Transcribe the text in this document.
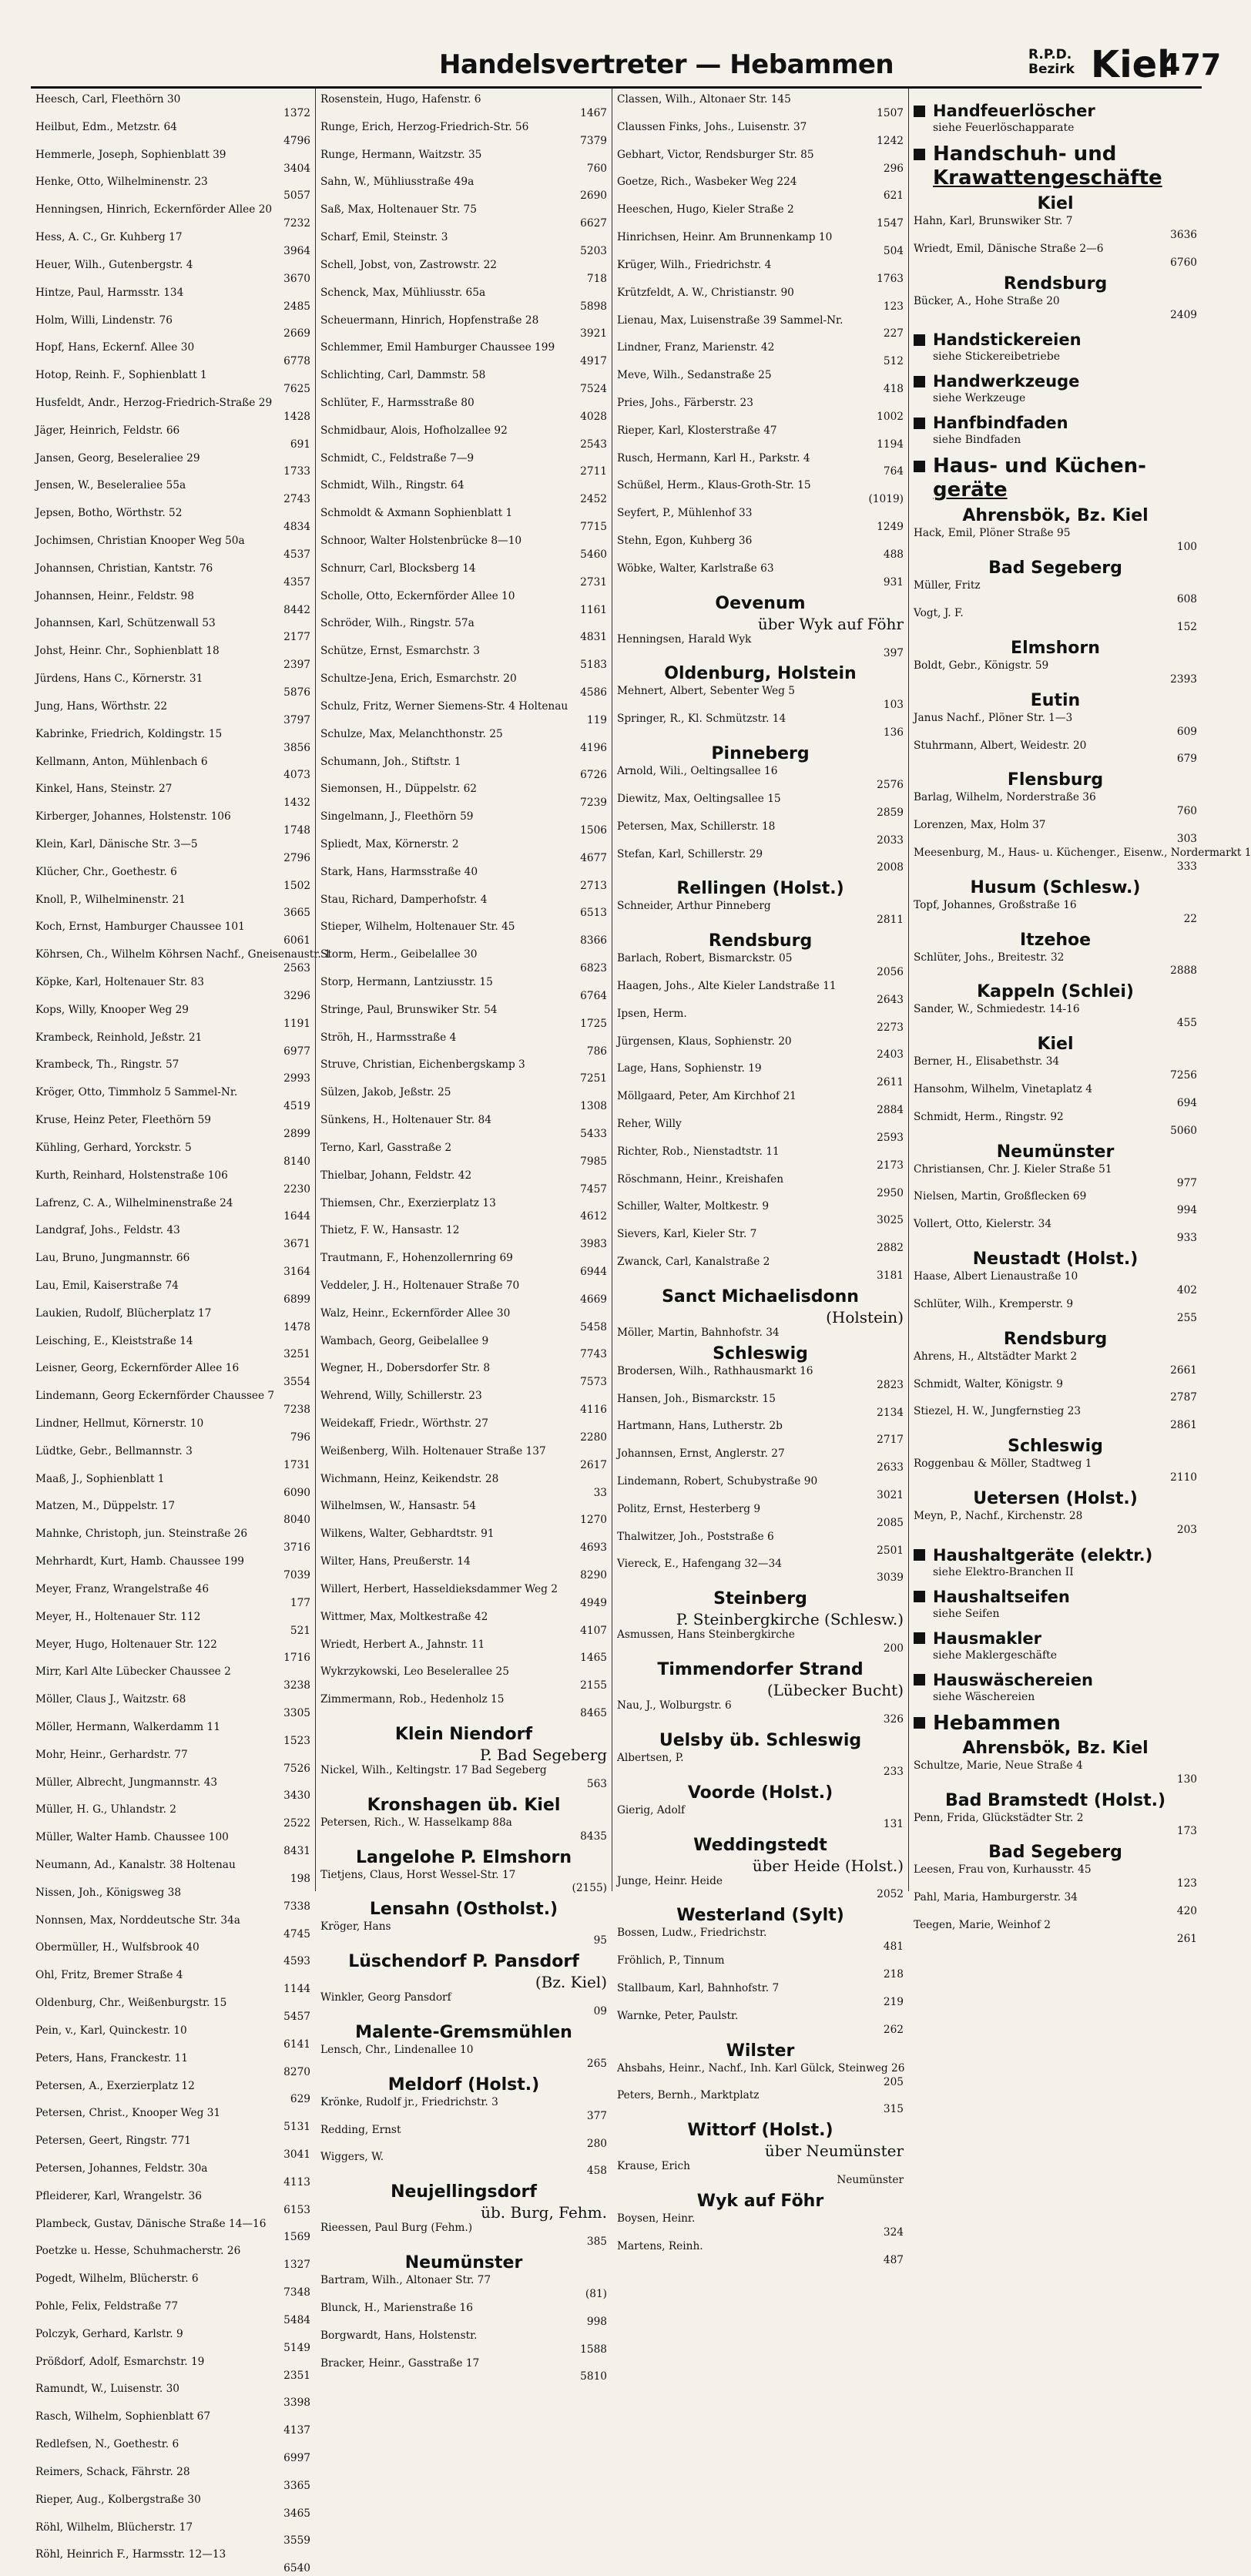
Handelsvertreter — Hebammen	R.P.D.
Bezirk Kiel
477
Heesch, Carl, Fleethörn 30
1372
Heilbut, Edm., Metzstr. 64
4796
Hemmerle, Joseph, Sophienblatt 39
3404
Henke, Otto, Wilhelminenstr. 23
5057
Henningsen, Hinrich, Eckernförder Allee 20
7232
Hess, A. C., Gr. Kuhberg 17
3964
Heuer, Wilh., Gutenbergstr. 4
3670
Hintze, Paul, Harmsstr. 134
2485
Holm, Willi, Lindenstr. 76
2669
Hopf, Hans, Eckernf. Allee 30
6778
Hotop, Reinh. F., Sophienblatt 1
7625
Husfeldt, Andr., Herzog-Friedrich-Straße 29
1428
Jäger, Heinrich, Feldstr. 66
691
Jansen, Georg, Beseleraliee 29
1733
Jensen, W., Beseleraliee 55a
2743
Jepsen, Botho, Wörthstr. 52
4834
Jochimsen, Christian Knooper Weg 50a
4537
Johannsen, Christian, Kantstr. 76
4357
Johannsen, Heinr., Feldstr. 98
8442
Johannsen, Karl, Schützenwall 53
2177
Johst, Heinr. Chr., Sophienblatt 18
2397
Jürdens, Hans C., Körnerstr. 31
5876
Jung, Hans, Wörthstr. 22
3797
Kabrinke, Friedrich, Koldingstr. 15
3856
Kellmann, Anton, Mühlenbach 6
4073
Kinkel, Hans, Steinstr. 27
1432
Kirberger, Johannes, Holstenstr. 106
1748
Klein, Karl, Dänische Str. 3—5
2796
Klücher, Chr., Goethestr. 6
1502
Knoll, P., Wilhelminenstr. 21
3665
Koch, Ernst, Hamburger Chaussee 101
6061
Köhrsen, Ch., Wilhelm Köhrsen Nachf., Gneisenaustr. 1
2563
Köpke, Karl, Holtenauer Str. 83
3296
Kops, Willy, Knooper Weg 29
1191
Krambeck, Reinhold, Jeßstr. 21
6977
Krambeck, Th., Ringstr. 57
2993
Kröger, Otto, Timmholz 5 Sammel-Nr.
4519
Kruse, Heinz Peter, Fleethörn 59
2899
Kühling, Gerhard, Yorckstr. 5
8140
Kurth, Reinhard, Holstenstraße 106
2230
Lafrenz, C. A., Wilhelminenstraße 24
1644
Landgraf, Johs., Feldstr. 43
3671
Lau, Bruno, Jungmannstr. 66
3164
Lau, Emil, Kaiserstraße 74
6899
Laukien, Rudolf, Blücherplatz 17
1478
Leisching, E., Kleiststraße 14
3251
Leisner, Georg, Eckernförder Allee 16
3554
Lindemann, Georg Eckernförder Chaussee 7
7238
Lindner, Hellmut, Körnerstr. 10
796
Lüdtke, Gebr., Bellmannstr. 3
1731
Maaß, J., Sophienblatt 1
6090
Matzen, M., Düppelstr. 17
8040
Mahnke, Christoph, jun. Steinstraße 26
3716
Mehrhardt, Kurt, Hamb. Chaussee 199
7039
Meyer, Franz, Wrangelstraße 46
177
Meyer, H., Holtenauer Str. 112
521
Meyer, Hugo, Holtenauer Str. 122
1716
Mirr, Karl Alte Lübecker Chaussee 2
3238
Möller, Claus J., Waitzstr. 68
3305
Möller, Hermann, Walkerdamm 11
1523
Mohr, Heinr., Gerhardstr. 77
7526
Müller, Albrecht, Jungmannstr. 43
3430
Müller, H. G., Uhlandstr. 2
2522
Müller, Walter Hamb. Chaussee 100
8431
Neumann, Ad., Kanalstr. 38 Holtenau
198
Nissen, Joh., Königsweg 38
7338
Nonnsen, Max, Norddeutsche Str. 34a
4745
Obermüller, H., Wulfsbrook 40
4593
Ohl, Fritz, Bremer Straße 4
1144
Oldenburg, Chr., Weißenburgstr. 15
5457
Pein, v., Karl, Quinckestr. 10
6141
Peters, Hans, Franckestr. 11
8270
Petersen, A., Exerzierplatz 12
629
Petersen, Christ., Knooper Weg 31
5131
Petersen, Geert, Ringstr. 771
3041
Petersen, Johannes, Feldstr. 30a
4113
Pfleiderer, Karl, Wrangelstr. 36
6153
Plambeck, Gustav, Dänische Straße 14—16
1569
Poetzke u. Hesse, Schuhmacherstr. 26
1327
Pogedt, Wilhelm, Blücherstr. 6
7348
Pohle, Felix, Feldstraße 77
5484
Polczyk, Gerhard, Karlstr. 9
5149
Prößdorf, Adolf, Esmarchstr. 19
2351
Ramundt, W., Luisenstr. 30
3398
Rasch, Wilhelm, Sophienblatt 67
4137
Redlefsen, N., Goethestr. 6
6997
Reimers, Schack, Fährstr. 28
3365
Rieper, Aug., Kolbergstraße 30
3465
Röhl, Wilhelm, Blücherstr. 17
3559
Röhl, Heinrich F., Harmsstr. 12—13
6540
Rosenstein, Hugo, Hafenstr. 6
1467
Runge, Erich, Herzog-Friedrich-Str. 56
7379
Runge, Hermann, Waitzstr. 35
760
Sahn, W., Mühliusstraße 49a
2690
Saß, Max, Holtenauer Str. 75
6627
Scharf, Emil, Steinstr. 3
5203
Schell, Jobst, von, Zastrowstr. 22
718
Schenck, Max, Mühliusstr. 65a
5898
Scheuermann, Hinrich, Hopfenstraße 28
3921
Schlemmer, Emil Hamburger Chaussee 199
4917
Schlichting, Carl, Dammstr. 58
7524
Schlüter, F., Harmsstraße 80
4028
Schmidbaur, Alois, Hofholzallee 92
2543
Schmidt, C., Feldstraße 7—9
2711
Schmidt, Wilh., Ringstr. 64
2452
Schmoldt & Axmann Sophienblatt 1
7715
Schnoor, Walter Holstenbrücke 8—10
5460
Schnurr, Carl, Blocksberg 14
2731
Scholle, Otto, Eckernförder Allee 10
1161
Schröder, Wilh., Ringstr. 57a
4831
Schütze, Ernst, Esmarchstr. 3
5183
Schultze-Jena, Erich, Esmarchstr. 20
4586
Schulz, Fritz, Werner Siemens-Str. 4 Holtenau
119
Schulze, Max, Melanchthonstr. 25
4196
Schumann, Joh., Stiftstr. 1
6726
Siemonsen, H., Düppelstr. 62
7239
Singelmann, J., Fleethörn 59
1506
Spliedt, Max, Körnerstr. 2
4677
Stark, Hans, Harmsstraße 40
2713
Stau, Richard, Damperhofstr. 4
6513
Stieper, Wilhelm, Holtenauer Str. 45
8366
Storm, Herm., Geibelallee 30
6823
Storp, Hermann, Lantziusstr. 15
6764
Stringe, Paul, Brunswiker Str. 54
1725
Ströh, H., Harmsstraße 4
786
Struve, Christian, Eichenbergskamp 3
7251
Sülzen, Jakob, Jeßstr. 25
1308
Sünkens, H., Holtenauer Str. 84
5433
Terno, Karl, Gasstraße 2
7985
Thielbar, Johann, Feldstr. 42
7457
Thiemsen, Chr., Exerzierplatz 13
4612
Thietz, F. W., Hansastr. 12
3983
Trautmann, F., Hohenzollernring 69
6944
Veddeler, J. H., Holtenauer Straße 70
4669
Walz, Heinr., Eckernförder Allee 30
5458
Wambach, Georg, Geibelallee 9
7743
Wegner, H., Dobersdorfer Str. 8
7573
Wehrend, Willy, Schillerstr. 23
4116
Weidekaff, Friedr., Wörthstr. 27
2280
Weißenberg, Wilh. Holtenauer Straße 137
2617
Wichmann, Heinz, Keikendstr. 28
33
Wilhelmsen, W., Hansastr. 54
1270
Wilkens, Walter, Gebhardtstr. 91
4693
Wilter, Hans, Preußerstr. 14
8290
Willert, Herbert, Hasseldieksdammer Weg 2
4949
Wittmer, Max, Moltkestraße 42
4107
Wriedt, Herbert A., Jahnstr. 11
1465
Wykrzykowski, Leo Beselerallee 25
2155
Zimmermann, Rob., Hedenholz 15
8465
Klein Niendorf
P. Bad Segeberg
Nickel, Wilh., Keltingstr. 17 Bad Segeberg
563
Kronshagen üb. Kiel
Petersen, Rich., W. Hasselkamp 88a
8435
Langelohe P. Elmshorn
Tietjens, Claus, Horst Wessel-Str. 17
(2155)
Lensahn (Ostholst.)
Kröger, Hans
95
Lüschendorf P. Pansdorf
(Bz. Kiel)
Winkler, Georg Pansdorf
09
Malente-Gremsmühlen
Lensch, Chr., Lindenallee 10
265
Meldorf (Holst.)
Krönke, Rudolf jr., Friedrichstr. 3
377
Redding, Ernst
280
Wiggers, W.
458
Neujellingsdorf
üb. Burg, Fehm.
Rieessen, Paul Burg (Fehm.)
385
Neumünster
Bartram, Wilh., Altonaer Str. 77
(81)
Blunck, H., Marienstraße 16
998
Borgwardt, Hans, Holstenstr.
1588
Bracker, Heinr., Gasstraße 17
5810
Classen, Wilh., Altonaer Str. 145
1507
Claussen Finks, Johs., Luisenstr. 37
1242
Gebhart, Victor, Rendsburger Str. 85
296
Goetze, Rich., Wasbeker Weg 224
621
Heeschen, Hugo, Kieler Straße 2
1547
Hinrichsen, Heinr. Am Brunnenkamp 10
504
Krüger, Wilh., Friedrichstr. 4
1763
Krützfeldt, A. W., Christianstr. 90
123
Lienau, Max, Luisenstraße 39 Sammel-Nr.
227
Lindner, Franz, Marienstr. 42
512
Meve, Wilh., Sedanstraße 25
418
Pries, Johs., Färberstr. 23
1002
Rieper, Karl, Klosterstraße 47
1194
Rusch, Hermann, Karl H., Parkstr. 4
764
Schüßel, Herm., Klaus-Groth-Str. 15
(1019)
Seyfert, P., Mühlenhof 33
1249
Stehn, Egon, Kuhberg 36
488
Wöbke, Walter, Karlstraße 63
931
Oevenum
über Wyk auf Föhr
Henningsen, Harald Wyk
397
Oldenburg, Holstein
Mehnert, Albert, Sebenter Weg 5
103
Springer, R., Kl. Schmützstr. 14
136
Pinneberg
Arnold, Wili., Oeltingsallee 16
2576
Diewitz, Max, Oeltingsallee 15
2859
Petersen, Max, Schillerstr. 18
2033
Stefan, Karl, Schillerstr. 29
2008
Rellingen (Holst.)
Schneider, Arthur Pinneberg
2811
Rendsburg
Barlach, Robert, Bismarckstr. 05
2056
Haagen, Johs., Alte Kieler Landstraße 11
2643
Ipsen, Herm.
2273
Jürgensen, Klaus, Sophienstr. 20
2403
Lage, Hans, Sophienstr. 19
2611
Möllgaard, Peter, Am Kirchhof 21
2884
Reher, Willy
2593
Richter, Rob., Nienstadtstr. 11
2173
Röschmann, Heinr., Kreishafen
2950
Schiller, Walter, Moltkestr. 9
3025
Sievers, Karl, Kieler Str. 7
2882
Zwanck, Carl, Kanalstraße 2
3181
Sanct Michaelisdonn
(Holstein)
Möller, Martin, Bahnhofstr. 34
Schleswig
Brodersen, Wilh., Rathhausmarkt 16
2823
Hansen, Joh., Bismarckstr. 15
2134
Hartmann, Hans, Lutherstr. 2b
2717
Johannsen, Ernst, Anglerstr. 27
2633
Lindemann, Robert, Schubystraße 90
3021
Politz, Ernst, Hesterberg 9
2085
Thalwitzer, Joh., Poststraße 6
2501
Viereck, E., Hafengang 32—34
3039
Steinberg
P. Steinbergkirche (Schlesw.)
Asmussen, Hans Steinbergkirche
200
Timmendorfer Strand
(Lübecker Bucht)
Nau, J., Wolburgstr. 6
326
Uelsby üb. Schleswig
Albertsen, P.
233
Voorde (Holst.)
Gierig, Adolf
131
Weddingstedt
über Heide (Holst.)
Junge, Heinr. Heide
2052
Westerland (Sylt)
Bossen, Ludw., Friedrichstr.
481
Fröhlich, P., Tinnum
218
Stallbaum, Karl, Bahnhofstr. 7
219
Warnke, Peter, Paulstr.
262
Wilster
Ahsbahs, Heinr., Nachf., Inh. Karl Gülck, Steinweg 26
205
Peters, Bernh., Marktplatz
315
Wittorf (Holst.)
über Neumünster
Krause, Erich
Neumünster
Wyk auf Föhr
Boysen, Heinr.
324
Martens, Reinh.
487
Handfeuerlöscher
siehe Feuerlöschapparate
Handschuh- und
Krawattengeschäfte
Kiel
Hahn, Karl, Brunswiker Str. 7
3636
Wriedt, Emil, Dänische Straße 2—6
6760
Rendsburg
Bücker, A., Hohe Straße 20
2409
Handstickereien
siehe Stickereibetriebe
Handwerkzeuge
siehe Werkzeuge
Hanfbindfaden
siehe Bindfaden
Haus- und Küchen-
geräte
Ahrensbök, Bz. Kiel
Hack, Emil, Plöner Straße 95
100
Bad Segeberg
Müller, Fritz
608
Vogt, J. F.
152
Elmshorn
Boldt, Gebr., Königstr. 59
2393
Eutin
Janus Nachf., Plöner Str. 1—3
609
Stuhrmann, Albert, Weidestr. 20
679
Flensburg
Barlag, Wilhelm, Norderstraße 36
760
Lorenzen, Max, Holm 37
303
Meesenburg, M., Haus- u. Küchenger., Eisenw., Nordermarkt 1
333
Husum (Schlesw.)
Topf, Johannes, Großstraße 16
22
Itzehoe
Schlüter, Johs., Breitestr. 32
2888
Kappeln (Schlei)
Sander, W., Schmiedestr. 14-16
455
Kiel
Berner, H., Elisabethstr. 34
7256
Hansohm, Wilhelm, Vinetaplatz 4
694
Schmidt, Herm., Ringstr. 92
5060
Neumünster
Christiansen, Chr. J. Kieler Straße 51
977
Nielsen, Martin, Großflecken 69
994
Vollert, Otto, Kielerstr. 34
933
Neustadt (Holst.)
Haase, Albert Lienaustraße 10
402
Schlüter, Wilh., Kremperstr. 9
255
Rendsburg
Ahrens, H., Altstädter Markt 2
2661
Schmidt, Walter, Königstr. 9
2787
Stiezel, H. W., Jungfernstieg 23
2861
Schleswig
Roggenbau & Möller, Stadtweg 1
2110
Uetersen (Holst.)
Meyn, P., Nachf., Kirchenstr. 28
203
Haushaltgeräte (elektr.)
siehe Elektro-Branchen II
Haushaltseifen
siehe Seifen
Hausmakler
siehe Maklergeschäfte
Hauswäschereien
siehe Wäschereien
Hebammen
Ahrensbök, Bz. Kiel
Schultze, Marie, Neue Straße 4
130
Bad Bramstedt (Holst.)
Penn, Frida, Glückstädter Str. 2
173
Bad Segeberg
Leesen, Frau von, Kurhausstr. 45
123
Pahl, Maria, Hamburgerstr. 34
420
Teegen, Marie, Weinhof 2
261
